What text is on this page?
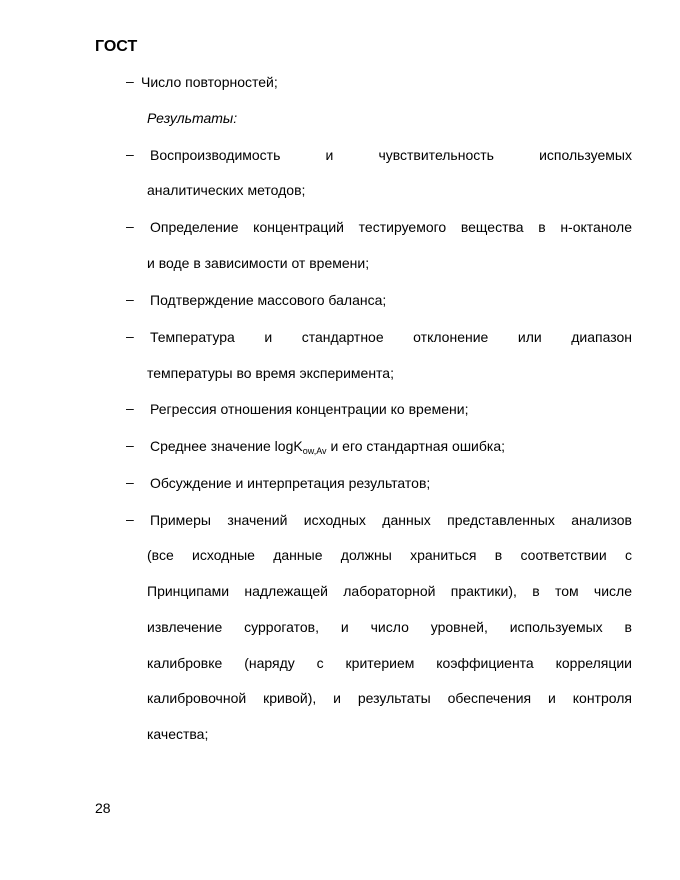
ГОСТ
– Число повторностей;
Результаты:
– Воспроизводимость и чувствительность используемых
аналитических методов;
– Определение концентраций тестируемого вещества в н-октаноле
и воде в зависимости от времени;
– Подтверждение массового баланса;
– Температура и стандартное отклонение или диапазон
температуры во время эксперимента;
– Регрессия отношения концентрации ко времени;
– Среднее значение logK$_{ow,Av}$ и его стандартная ошибка;
– Обсуждение и интерпретация результатов;
– Примеры значений исходных данных представленных анализов
(все исходные данные должны храниться в соответствии с
Принципами надлежащей лабораторной практики), в том числе
извлечение суррогатов, и число уровней, используемых в
калибровке (наряду с критерием коэффициента корреляции
калибровочной кривой), и результаты обеспечения и контроля
качества;
28
